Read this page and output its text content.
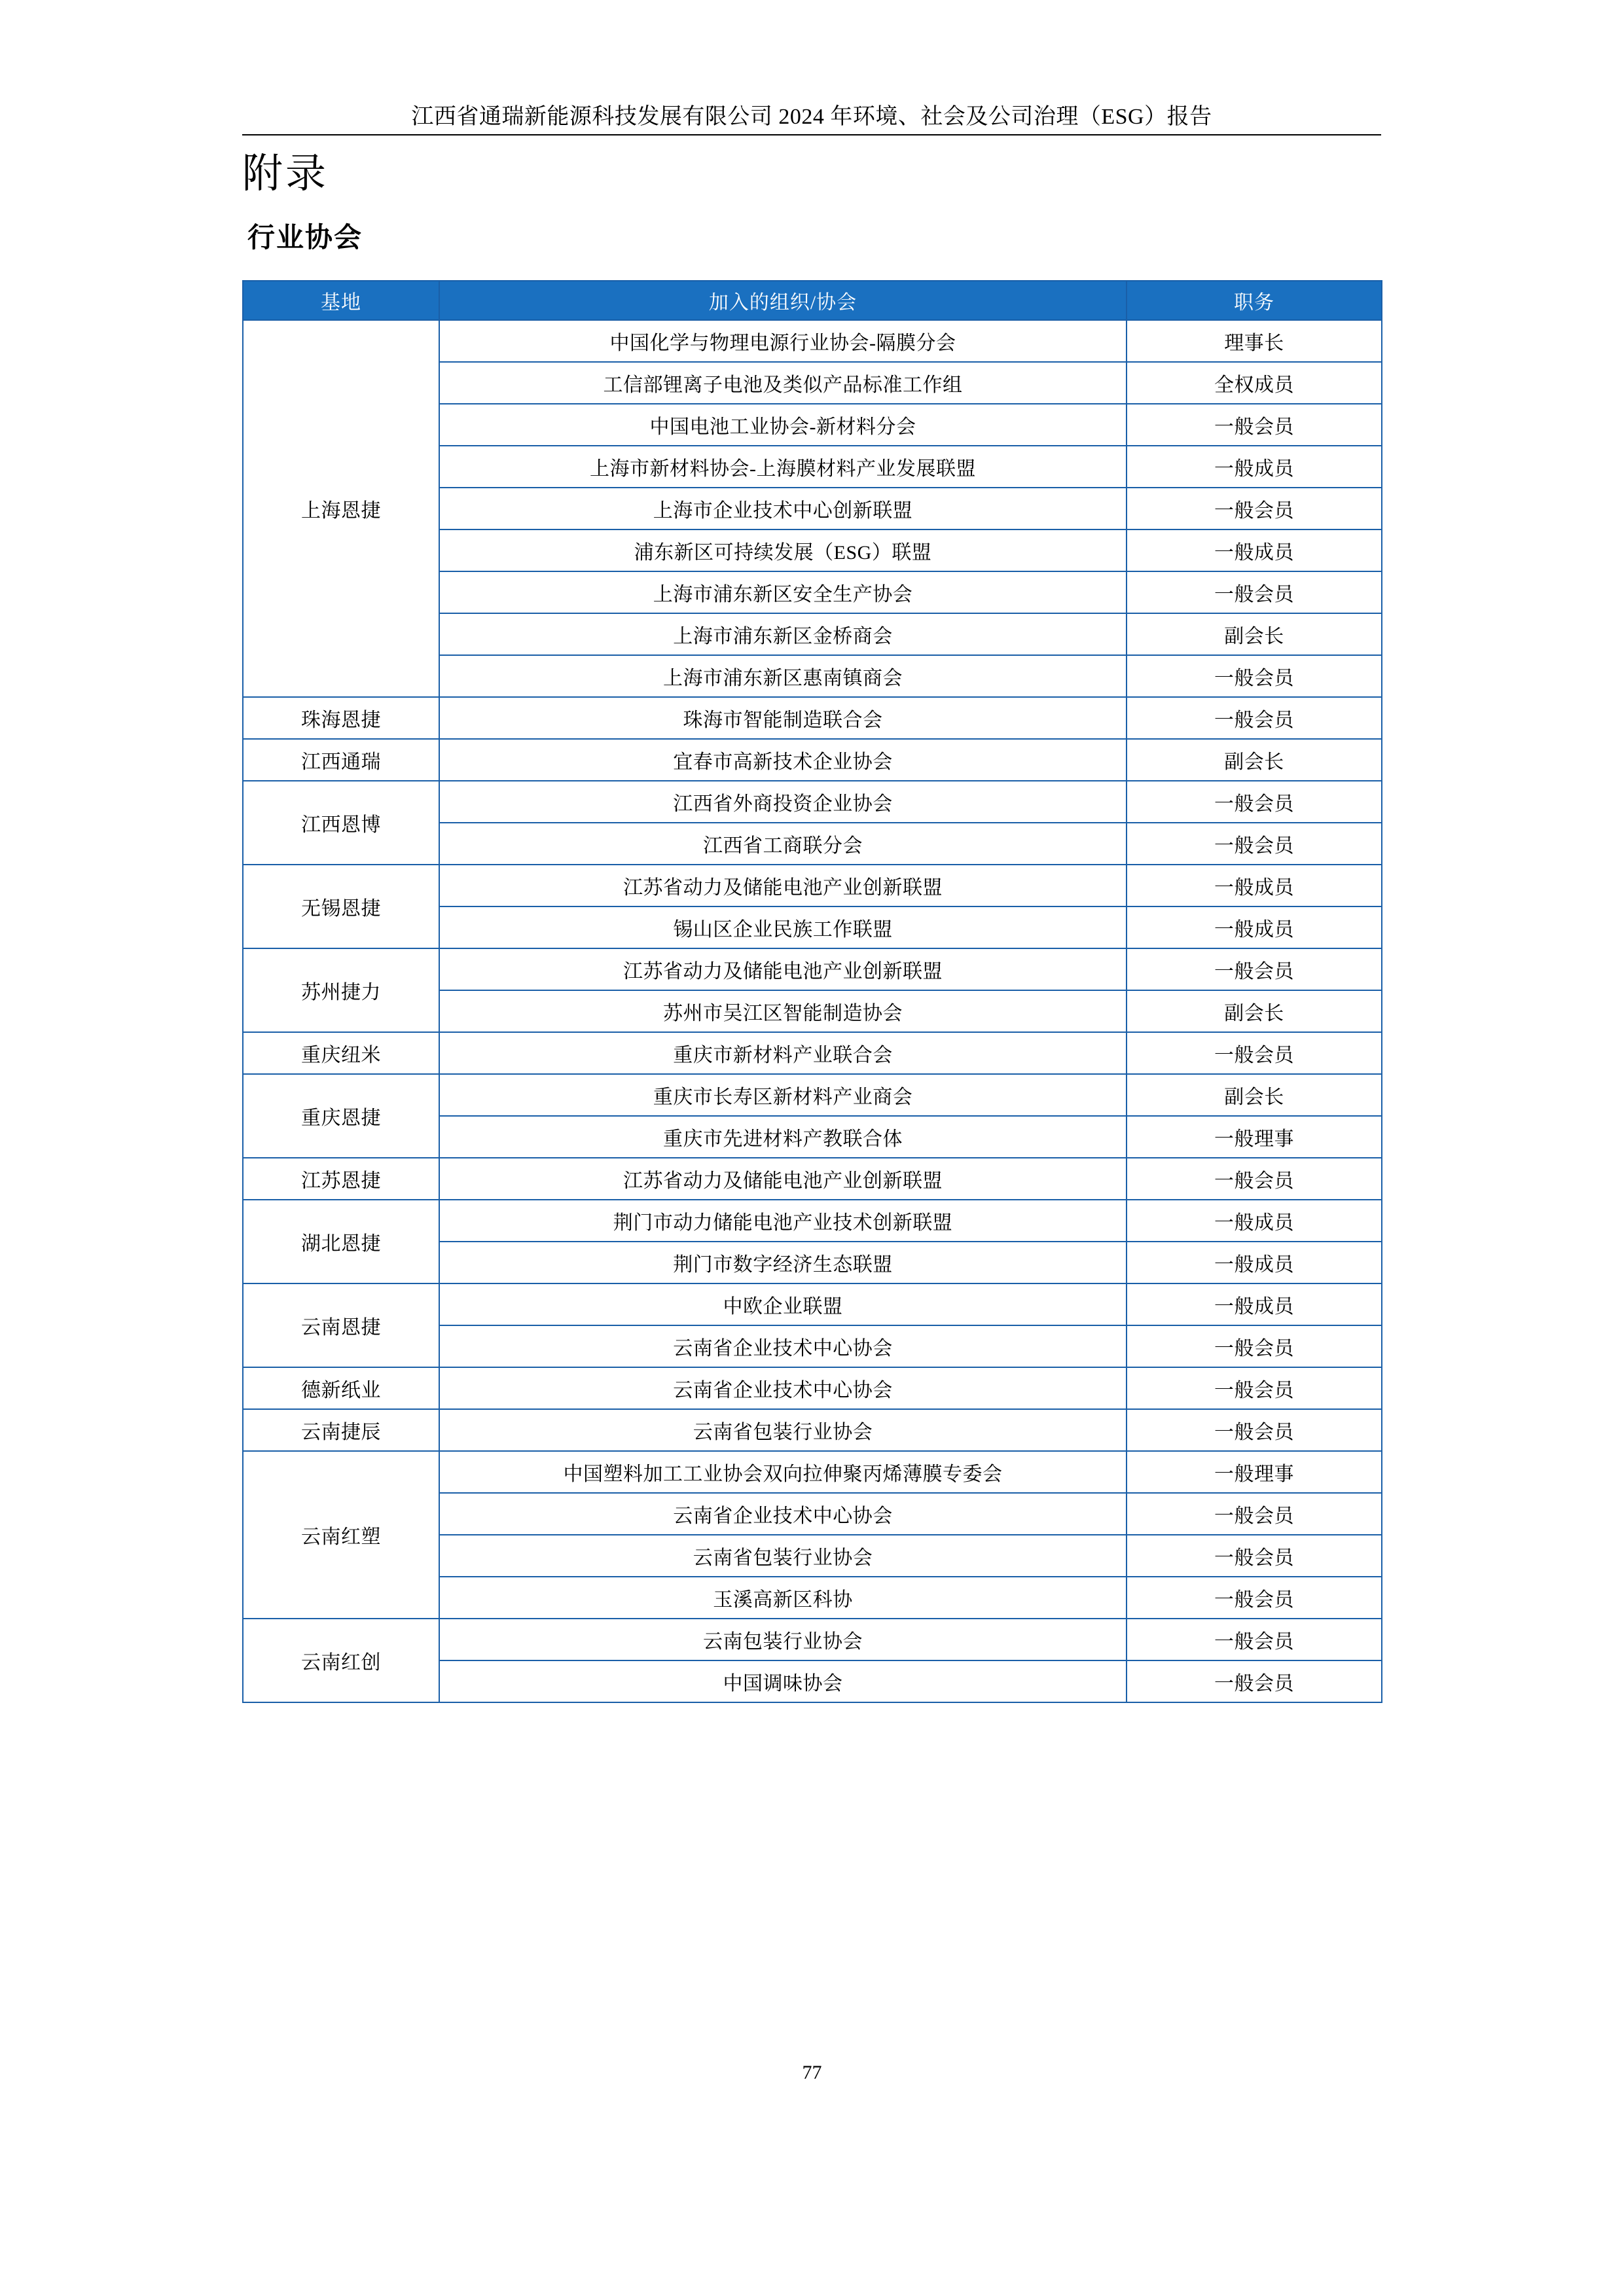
江西省通瑞新能源科技发展有限公司 2024 年环境、社会及公司治理（ESG）报告
附录
行业协会
基地	加入的组织/协会	职务
上海恩捷	中国化学与物理电源行业协会-隔膜分会	理事长
	工信部锂离子电池及类似产品标准工作组	全权成员
	中国电池工业协会-新材料分会	一般会员
	上海市新材料协会-上海膜材料产业发展联盟	一般成员
	上海市企业技术中心创新联盟	一般会员
	浦东新区可持续发展（ESG）联盟	一般成员
	上海市浦东新区安全生产协会	一般会员
	上海市浦东新区金桥商会	副会长
	上海市浦东新区惠南镇商会	一般会员
珠海恩捷	珠海市智能制造联合会	一般会员
江西通瑞	宜春市高新技术企业协会	副会长
江西恩博	江西省外商投资企业协会	一般会员
	江西省工商联分会	一般会员
无锡恩捷	江苏省动力及储能电池产业创新联盟	一般成员
	锡山区企业民族工作联盟	一般成员
苏州捷力	江苏省动力及储能电池产业创新联盟	一般会员
	苏州市吴江区智能制造协会	副会长
重庆纽米	重庆市新材料产业联合会	一般会员
重庆恩捷	重庆市长寿区新材料产业商会	副会长
	重庆市先进材料产教联合体	一般理事
江苏恩捷	江苏省动力及储能电池产业创新联盟	一般会员
湖北恩捷	荆门市动力储能电池产业技术创新联盟	一般成员
	荆门市数字经济生态联盟	一般成员
云南恩捷	中欧企业联盟	一般成员
	云南省企业技术中心协会	一般会员
德新纸业	云南省企业技术中心协会	一般会员
云南捷辰	云南省包装行业协会	一般会员
云南红塑	中国塑料加工工业协会双向拉伸聚丙烯薄膜专委会	一般理事
	云南省企业技术中心协会	一般会员
	云南省包装行业协会	一般会员
	玉溪高新区科协	一般会员
云南红创	云南包装行业协会	一般会员
	中国调味协会	一般会员
77
